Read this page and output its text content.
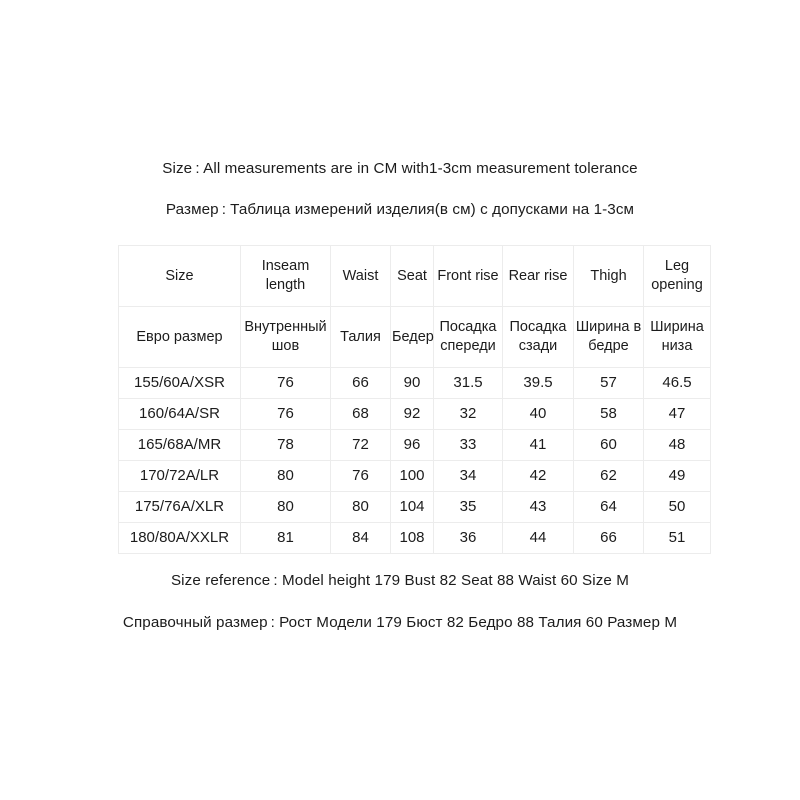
Size : All measurements are in CM with1-3cm measurement tolerance
Размер : Таблица измерений изделия(в см) с допусками на 1-3см
Size	Inseam length	Waist	Seat	Front rise	Rear rise	Thigh	Leg opening
Евро размер	Внутренный шов	Талия	Бедер	Посадка спереди	Посадка сзади	Ширина в бедре	Ширина низа
155/60A/XSR	76	66	90	31.5	39.5	57	46.5
160/64A/SR	76	68	92	32	40	58	47
165/68A/MR	78	72	96	33	41	60	48
170/72A/LR	80	76	100	34	42	62	49
175/76A/XLR	80	80	104	35	43	64	50
180/80A/XXLR	81	84	108	36	44	66	51
Size reference : Model height 179 Bust 82 Seat 88 Waist 60 Size M
Справочный размер : Рост Модели 179 Бюст 82 Бедро 88 Талия 60 Размер M
